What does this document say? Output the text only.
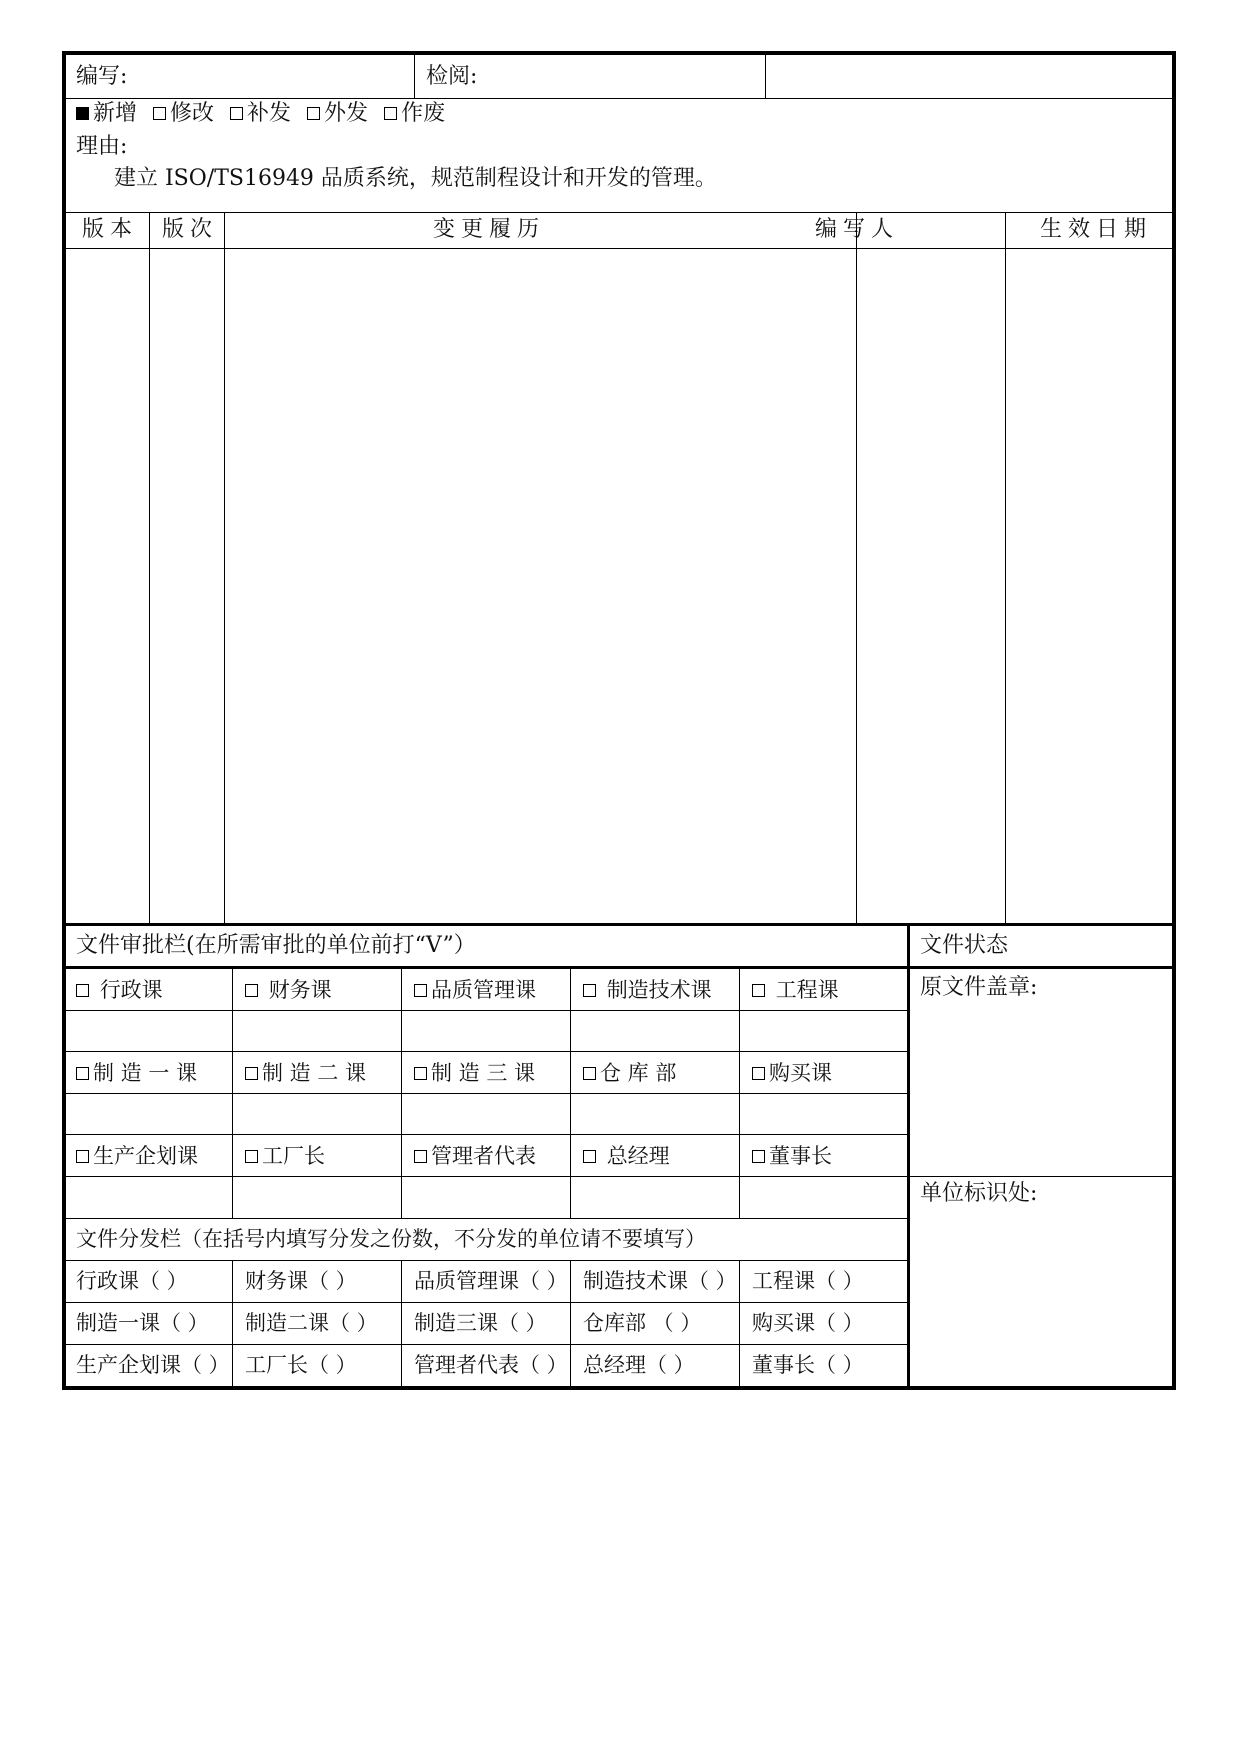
编写:	检阅:
新增 修改 补发 外发 作废
理由:
建立 ISO/TS16949 品质系统，规范制程设计和开发的管理。
版本 版次	变更履历	编写人	生效日期
文件审批栏(在所需审批的单位前打“V”）	文件状态
原文件盖章:
单位标识处:
行政课	财务课	品质管理课	制造技术课	工程课
制 造 一 课	制 造 二 课	制 造 三 课	仓 库 部	购买课
生产企划课	工厂长	管理者代表	总经理	董事长
文件分发栏（在括号内填写分发之份数，不分发的单位请不要填写）
行政课（ ）	财务课（ ）	品质管理课（ ） 制造技术课（ ） 工程课（ ）
制造一课（ ） 制造二课（ ） 制造三课（ ） 仓库部 （ ） 购买课（ ）
生产企划课（ ） 工厂长（ ）	管理者代表（ ） 总经理（ ）	董事长（ ）
